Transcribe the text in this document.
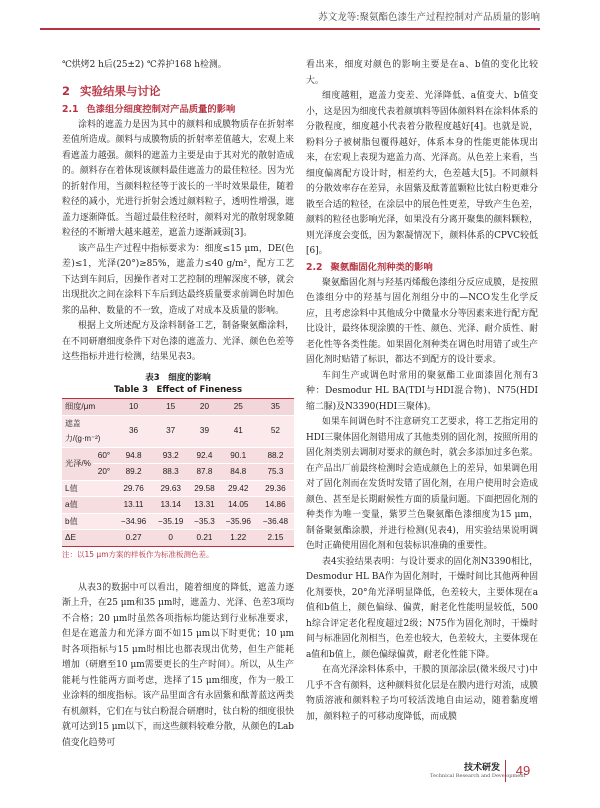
苏文龙等:聚氨酯色漆生产过程控制对产品质量的影响

℃烘烤2 h后(25±2) ℃养护168 h检测。

2 实验结果与讨论
2.1 色漆组分细度控制对产品质量的影响

涂料的遮盖力是因为其中的颜料和成膜物质存在折射率差值所造成。颜料与成膜物质的折射率差值越大，宏观上来看遮盖力越强。颜料的遮盖力主要是由于其对光的散射造成的。颜料存在着体现该颜料最佳遮盖力的最佳粒径。因为光的折射作用，当颜料粒径等于波长的一半时效果最佳，随着粒径的减小，光进行折射会透过颜料粒子，透明性增强，遮盖力逐渐降低。当超过最佳粒径时，颜料对光的散射现象随粒径的不断增大越来越差，遮盖力逐渐减弱[3]。

该产品生产过程中指标要求为：细度≤15 μm，DE(色差)≤1，光泽(20°)≥85%，遮盖力≤40 g/m²，配方工艺下达到车间后，因操作者对工艺控制的理解深度不够，就会出现批次之间在涂料下车后到达最终质量要求前调色时加色浆的品种、数量的不一致，造成了对成本及质量的影响。

根据上文所述配方及涂料制备工艺，制备聚氨酯涂料，在不同研磨细度条件下对色漆的遮盖力、光泽、颜色色差等这些指标并进行检测，结果见表3。

表3　细度的影响
Table 3　Effect of Fineness
细度/μm		10	15	20	25	35
遮盖力/(g·m⁻²)		36	37	39	41	52
光泽/%	60°	94.8	93.2	92.4	90.1	88.2
	20°	89.2	88.3	87.8	84.8	75.3
L值		29.76	29.63	29.58	29.42	29.36
a值		13.11	13.14	13.31	14.05	14.86
b值		−34.96	−35.19	−35.3	−35.96	−36.48
ΔE		0.27	0	0.21	1.22	2.15
注：以15 μm方案的样板作为标准板测色差。

从表3的数据中可以看出，随着细度的降低，遮盖力逐渐上升，在25 μm和35 μm时，遮盖力、光泽、色差3项均不合格；20 μm时虽然各项指标均能达到行业标准要求，但是在遮盖力和光泽方面不如15 μm以下时更优；10 μm时各项指标与15 μm时相比也都表现出优势，但生产能耗增加（研磨至10 μm需要更长的生产时间）。所以，从生产能耗与性能两方面考虑，选择了15 μm细度，作为一般工业涂料的细度指标。该产品里面含有永固紫和酞菁蓝这两类有机颜料，它们在与钛白粉混合研磨时，钛白粉的细度很快就可达到15 μm以下，而这些颜料较难分散，从颜色的Lab值变化趋势可

看出来，细度对颜色的影响主要是在a、b值的变化比较大。

细度越粗，遮盖力变差、光泽降低、a值变大、b值变小，这是因为细度代表着颜填料等固体颜料料在涂料体系的分散程度，细度越小代表着分散程度越好[4]。也就是说，粉料分子被树脂包覆得越好，体系本身的性能更能体现出来，在宏观上表现为遮盖力高、光泽高。从色差上来看，当细度偏离配方设计时，相差约大，色差越大[5]。不同颜料的分散效率存在差异，永固紫及酞菁蓝颗粒比钛白粉更难分散至合适的粒径，在涂层中的展色性更差，导致产生色差，颜料的粒径也影响光泽，如果没有分离开聚集的颜料颗粒，则光泽度会变低，因为絮凝情况下，颜料体系的CPVC较低[6]。

2.2 聚氨酯固化剂种类的影响

聚氨酯固化剂与羟基丙烯酸色漆组分反应成膜，是按照色漆组分中的羟基与固化剂组分中的—NCO发生化学反应，且考虑涂料中其他成分中微量水分等因素来进行配方配比设计，最终体现涂膜的干性、颜色、光泽、耐介质性、耐老化性等各类性能。如果固化剂种类在调色时用错了或生产固化剂时贴错了标识，都达不到配方的设计要求。

车间生产或调色时常用的聚氨酯工业面漆固化剂有3种：Desmodur HL BA(TDI与HDI混合物)、N75(HDI缩二脲)及N3390(HDI三聚体)。

如果车间调色时不注意研究工艺要求，将工艺指定用的HDI三聚体固化剂错用成了其他类别的固化剂，按照所用的固化剂类别去调制对要求的颜色时，就会多添加过多色浆。在产品出厂前最终检测时会造成颜色上的差异，如果调色用对了固化剂而在发货时发错了固化剂，在用户使用时会造成颜色、甚至是长期耐候性方面的质量问题。下面把固化剂的种类作为唯一变量，紫罗兰色聚氨酯色漆细度为15 μm，制备聚氨酯涂膜，并进行检测(见表4)，用实验结果说明调色时正确使用固化剂和包装标识准确的重要性。

表4实验结果表明：与设计要求的固化剂N3390相比，Desmodur HL BA作为固化剂时，干燥时间比其他两种固化剂要快，20°角光泽明显降低，色差较大，主要体现在a值和b值上，颜色偏绿、偏黄，耐老化性能明显较低，500 h综合评定老化程度超过2级；N75作为固化剂时，干燥时间与标准固化剂相当，色差也较大，色差较大，主要体现在a值和b值上，颜色偏绿偏黄，耐老化性能下降。

在高光泽涂料体系中，干膜的顶部涂层(微米级尺寸)中几乎不含有颜料，这种颜料贫化层是在膜内进行对流，成膜物质溶液和颜料粒子均可较活泼地自由运动，随着黏度增加，颜料粒子的可移动度降低，而成膜

技术研发
Technical Research and Development
49
